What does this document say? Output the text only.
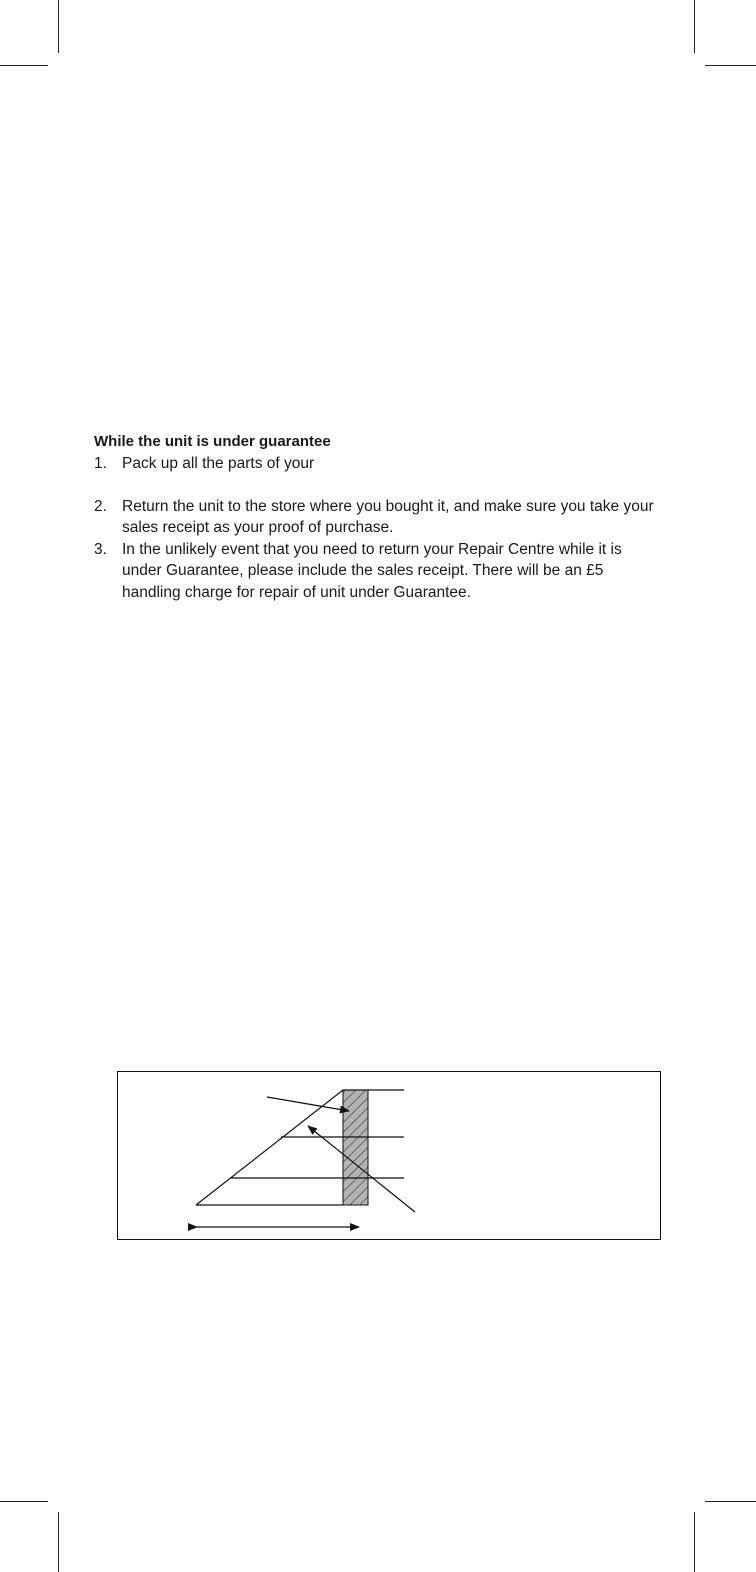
While the unit is under guarantee

1. Pack up all the parts of your
2. Return the unit to the store where you bought it, and make sure you take your sales receipt as your proof of purchase.
3. In the unlikely event that you need to return your Repair Centre while it is under Guarantee, please include the sales receipt. There will be an £5 handling charge for repair of unit under Guarantee.
